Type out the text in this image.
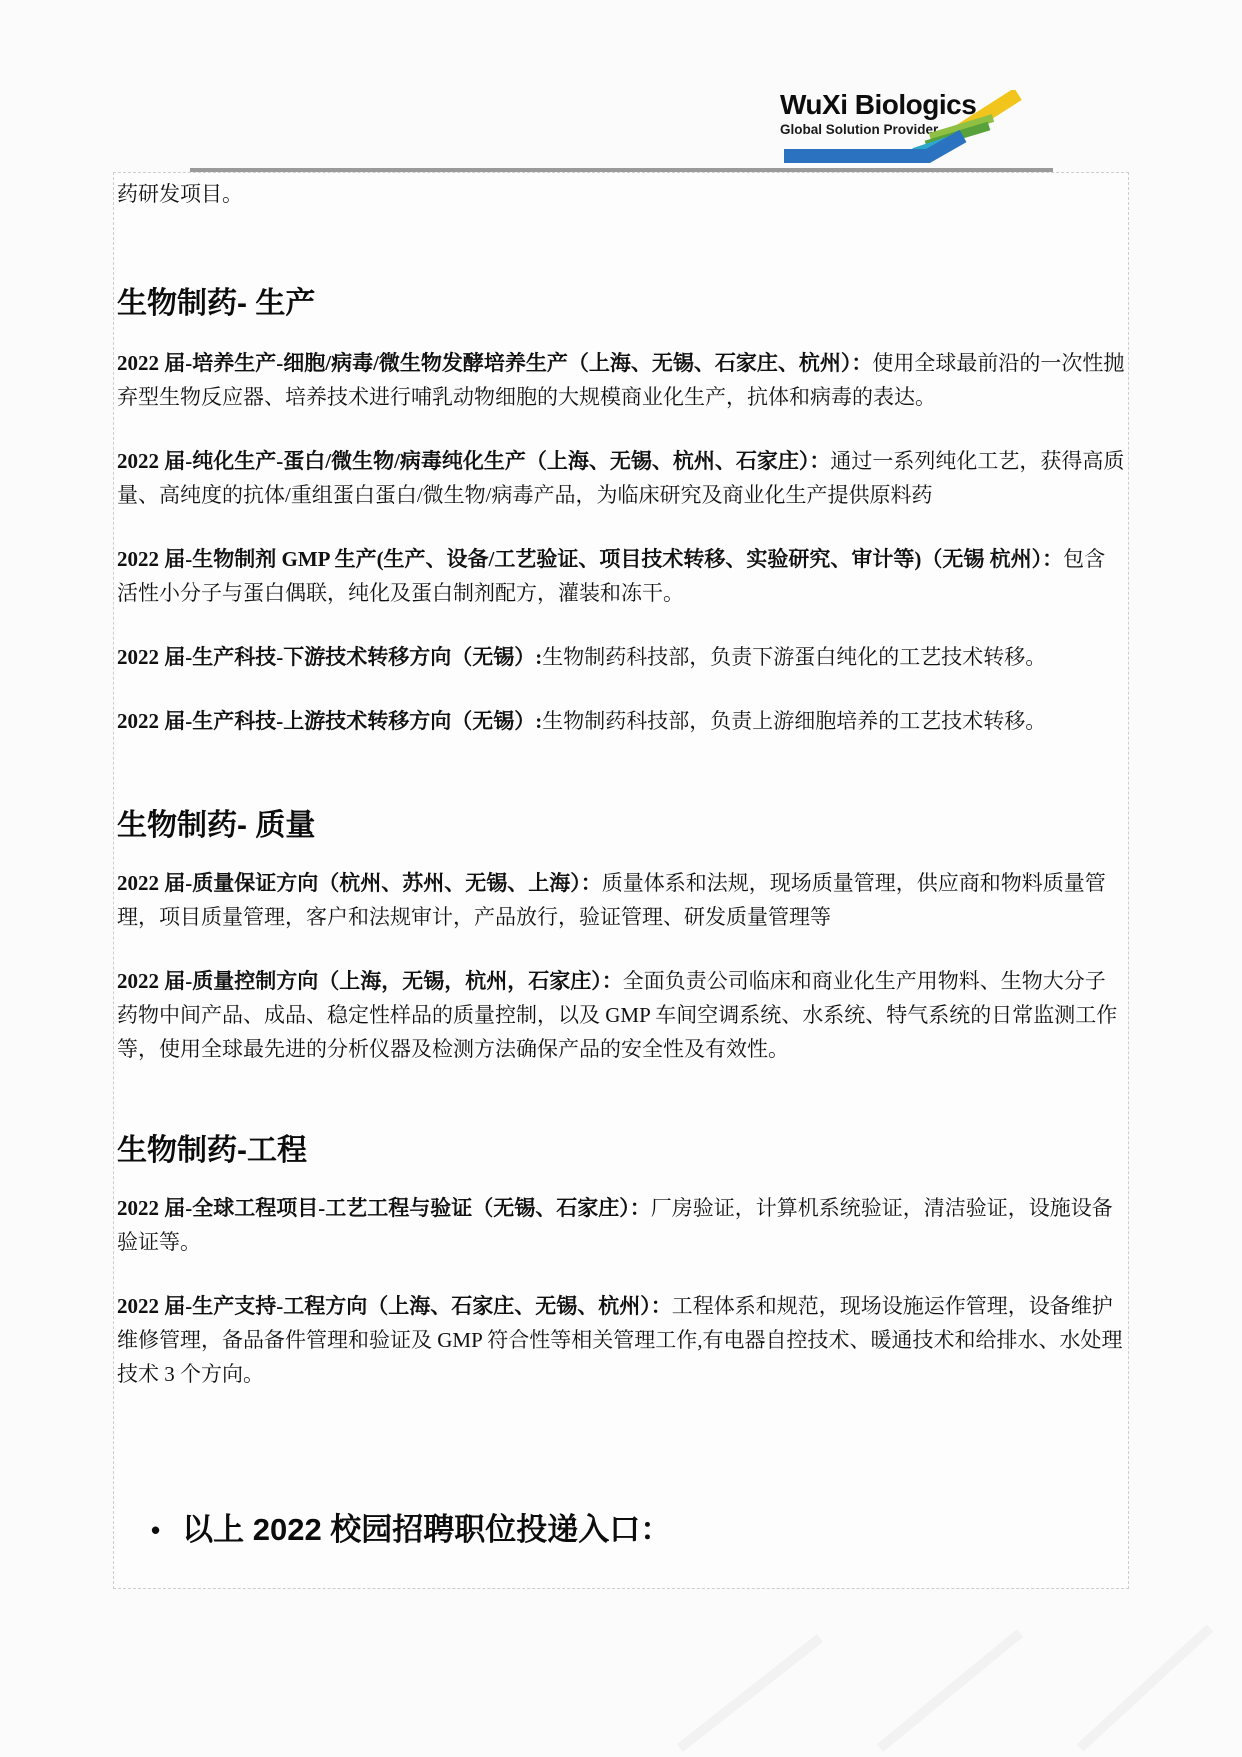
WuXi Biologics
Global Solution Provider

药研发项目。

生物制药- 生产

2022 届-培养生产-细胞/病毒/微生物发酵培养生产（上海、无锡、石家庄、杭州）：使用全球最前沿的一次性抛弃型生物反应器、培养技术进行哺乳动物细胞的大规模商业化生产，抗体和病毒的表达。

2022 届-纯化生产-蛋白/微生物/病毒纯化生产（上海、无锡、杭州、石家庄）：通过一系列纯化工艺，获得高质量、高纯度的抗体/重组蛋白蛋白/微生物/病毒产品，为临床研究及商业化生产提供原料药

2022 届-生物制剂 GMP 生产(生产、设备/工艺验证、项目技术转移、实验研究、审计等)（无锡 杭州）：包含活性小分子与蛋白偶联，纯化及蛋白制剂配方，灌装和冻干。

2022 届-生产科技-下游技术转移方向（无锡）:生物制药科技部，负责下游蛋白纯化的工艺技术转移。

2022 届-生产科技-上游技术转移方向（无锡）:生物制药科技部，负责上游细胞培养的工艺技术转移。

生物制药- 质量

2022 届-质量保证方向（杭州、苏州、无锡、上海）：质量体系和法规，现场质量管理，供应商和物料质量管理，项目质量管理，客户和法规审计，产品放行，验证管理、研发质量管理等

2022 届-质量控制方向（上海，无锡，杭州，石家庄）：全面负责公司临床和商业化生产用物料、生物大分子药物中间产品、成品、稳定性样品的质量控制，以及 GMP 车间空调系统、水系统、特气系统的日常监测工作等，使用全球最先进的分析仪器及检测方法确保产品的安全性及有效性。

生物制药-工程

2022 届-全球工程项目-工艺工程与验证（无锡、石家庄）：厂房验证，计算机系统验证，清洁验证，设施设备验证等。

2022 届-生产支持-工程方向（上海、石家庄、无锡、杭州）：工程体系和规范，现场设施运作管理，设备维护维修管理，备品备件管理和验证及 GMP 符合性等相关管理工作,有电器自控技术、暖通技术和给排水、水处理技术 3 个方向。

• 以上 2022 校园招聘职位投递入口：
